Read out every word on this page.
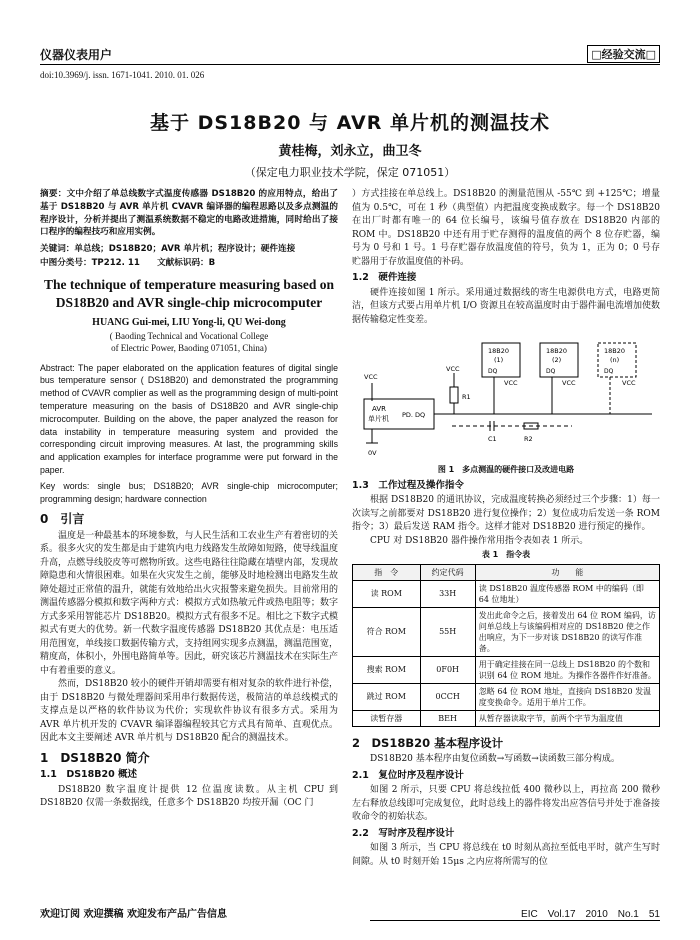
仪器仪表用户	□经验交流□
doi:10.3969/j. issn. 1671-1041. 2010. 01. 026
基于 DS18B20 与 AVR 单片机的测温技术
黄桂梅，刘永立，曲卫冬
（保定电力职业技术学院，保定 071051）
摘要：文中介绍了单总线数字式温度传感器 DS18B20 的应用特点，给出了基于 DS18B20 与 AVR 单片机 CVAVR 编译器的编程思路以及多点测温的程序设计，分析并提出了测温系统数据不稳定的电路改进措施，同时给出了接口程序的编程技巧和应用实例。
关键词：单总线；DS18B20；AVR 单片机；程序设计；硬件连接
中图分类号：TP212. 11　　文献标识码：B
The technique of temperature measuring based on DS18B20 and AVR single-chip microcomputer
HUANG Gui-mei, LIU Yong-li, QU Wei-dong
( Baoding Technical and Vocational College
of Electric Power, Baoding 071051, China)
Abstract: The paper elaborated on the application features of digital single bus temperature sensor ( DS18B20) and demonstrated the programming method of CVAVR complier as well as the programming design of multi-point temperature measuring on the basis of DS18B20 and AVR single-chip microcomputer. Building on the above, the paper analyzed the reason for data instability in temperature measuring system and provided the corresponding circuit improving measures. At last, the programming skills and application examples for interface programme were put forward in the paper.
Key words: single bus; DS18B20; AVR single-chip microcomputer; programming design; hardware connection
0　引言

温度是一种最基本的环境参数，与人民生活和工农业生产有着密切的关系。很多火灾的发生都是由于建筑内电力线路发生故障如短路，使导线温度升高，点燃导线胶皮等可燃物所致。这些电路往往隐藏在墙壁内部，发现故障隐患和火情很困难。如果在火灾发生之前，能够及时地检测出电路发生故障处超过正常值的温升，就能有效地给出火灾报警来避免损失。目前常用的测温传感器分模拟和数字两种方式：模拟方式如热敏元件或热电阻等；数字方式多采用智能芯片 DS18B20。模拟方式有很多不足。相比之下数字式模拟式有更大的优势。新一代数字温度传感器 DS18B20 其优点是：电压适用范围宽，单线接口数据传输方式，支持组网实现多点测温，测温范围宽，精度高，体积小，外围电路简单等。因此，研究该芯片测温技术在实际生产中有着重要的意义。

然而，DS18B20 较小的硬件开销却需要有相对复杂的软件进行补偿，由于 DS18B20 与微处理器间采用串行数据传送，极简洁的单总线模式的支撑点是以严格的软件协议为代价；实现软件协议有很多方式。采用为 AVR 单片机开发的 CVAVR 编译器编程较其它方式具有简单、直观优点。因此本文主要阐述 AVR 单片机与 DS18B20 配合的测温技术。

1　DS18B20 简介
1.1　DS18B20 概述

DS18B20 数字温度计提供 12 位温度读数。从主机 CPU 到 DS18B20 仅需一条数据线，任意多个 DS18B20 均按开漏（OC 门

）方式挂接在单总线上。DS18B20 的测量范围从 -55℃ 到 +125℃；增量值为 0.5℃，可在 1 秒（典型值）内把温度变换成数字。每一个 DS18B20 在出厂时都有唯一的 64 位长编号，该编号值存放在 DS18B20 内部的 ROM 中。DS18B20 中还有用于贮存测得的温度值的两个 8 位存贮器，编号为 0 号和 1 号。1 号存贮器存放温度值的符号，负为 1，正为 0；0 号存贮器用于存放温度值的补码。

1.2　硬件连接

硬件连接如图 1 所示。采用通过数据线的寄生电源供电方式，电路更简洁，但该方式要占用单片机 I/O 资源且在较高温度时由于器件漏电流增加使数据传输稳定性变差。

AVR
单片机 PD. DQ
VCC
VCC
R1
18B20
(1)
DQ
VCC
18B20
(2)
DQ
VCC
18B20
(n)
DQ
VCC
C1	R2
0V
图 1　多点测温的硬件接口及改进电路
1.3　工作过程及操作指令

根据 DS18B20 的通讯协议，完成温度转换必须经过三个步骤：1）每一次读写之前都要对 DS18B20 进行复位操作；2）复位成功后发送一条 ROM 指令；3）最后发送 RAM 指令。这样才能对 DS18B20 进行预定的操作。

CPU 对 DS18B20 器件操作常用指令表如表 1 所示。

表 1　指令表
指　令	约定代码	功　　能
读 ROM	33H	读 DS18B20 温度传感器 ROM 中的编码（即 64 位地址）
符合 ROM	55H	发出此命令之后，接着发出 64 位 ROM 编码，访问单总线上与该编码相对应的 DS18B20 使之作出响应，为下一步对该 DS18B20 的读写作准备。
搜索 ROM	0F0H	用于确定挂接在同一总线上 DS18B20 的个数和识别 64 位 ROM 地址。为操作各器件作好准备。
跳过 ROM	0CCH	忽略 64 位 ROM 地址，直接向 DS18B20 发温度变换命令。适用于单片工作。
读暂存器	BEH	从暂存器读取字节，前两个字节为温度值
2　DS18B20 基本程序设计

DS18B20 基本程序由复位函数→写函数→读函数三部分构成。

2.1　复位时序及程序设计

如图 2 所示，只要 CPU 将总线拉低 400 微秒以上，再拉高 200 微秒左右释放总线即可完成复位，此时总线上的器件将发出应答信号并处于准备接收命令的初始状态。

2.2　写时序及程序设计

如图 3 所示，当 CPU 将总线在 t0 时刻从高拉至低电平时，就产生写时间隙。从 t0 时刻开始 15μs 之内应将所需写的位

欢迎订阅 欢迎撰稿 欢迎发布产品广告信息	EIC　Vol.17　2010　No.1　51
